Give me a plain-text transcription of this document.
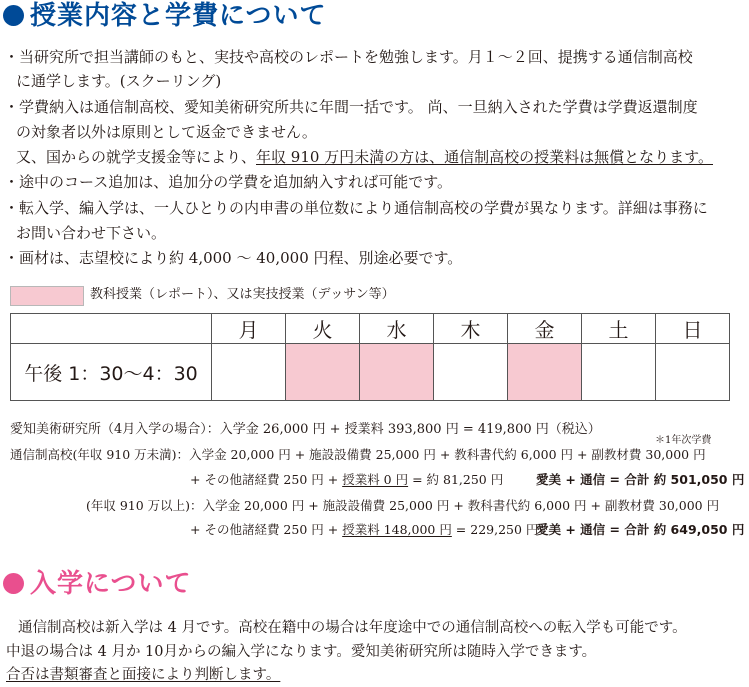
授業内容と学費について
・当研究所で担当講師のもと、実技や高校のレポートを勉強します。月１～２回、提携する通信制高校
に通学します。(スクーリング)
・学費納入は通信制高校、愛知美術研究所共に年間一括です。 尚、一旦納入された学費は学費返還制度
の対象者以外は原則として返金できません。
又、国からの就学支援金等により、年収 910 万円未満の方は、通信制高校の授業料は無償となります。
・途中のコース追加は、追加分の学費を追加納入すれば可能です。
・転入学、編入学は、一人ひとりの内申書の単位数により通信制高校の学費が異なります。詳細は事務に
お問い合わせ下さい。
・画材は、志望校により約 4,000 ～ 40,000 円程、別途必要です。
教科授業（レポート）、又は実技授業（デッサン等）
	月	火	水	木	金	土	日
午後 1：30～4：30							
愛知美術研究所（4月入学の場合）：入学金 26,000 円 + 授業料 393,800 円 = 419,800 円（税込）
＊1年次学費
通信制高校(年収 910 万未満)：入学金 20,000 円 + 施設設備費 25,000 円 + 教科書代約 6,000 円 + 副教材費 30,000 円
+ その他諸経費 250 円 + 授業料 0 円 = 約 81,250 円	愛美 + 通信 = 合計 約 501,050 円
(年収 910 万以上)：入学金 20,000 円 + 施設設備費 25,000 円 + 教科書代約 6,000 円 + 副教材費 30,000 円
+ その他諸経費 250 円 + 授業料 148,000 円 = 229,250 円
愛美 + 通信 = 合計 約 649,050 円
入学について
通信制高校は新入学は 4 月です。高校在籍中の場合は年度途中での通信制高校への転入学も可能です。
中退の場合は 4 月か 10月からの編入学になります。愛知美術研究所は随時入学できます。
合否は書類審査と面接により判断します。
